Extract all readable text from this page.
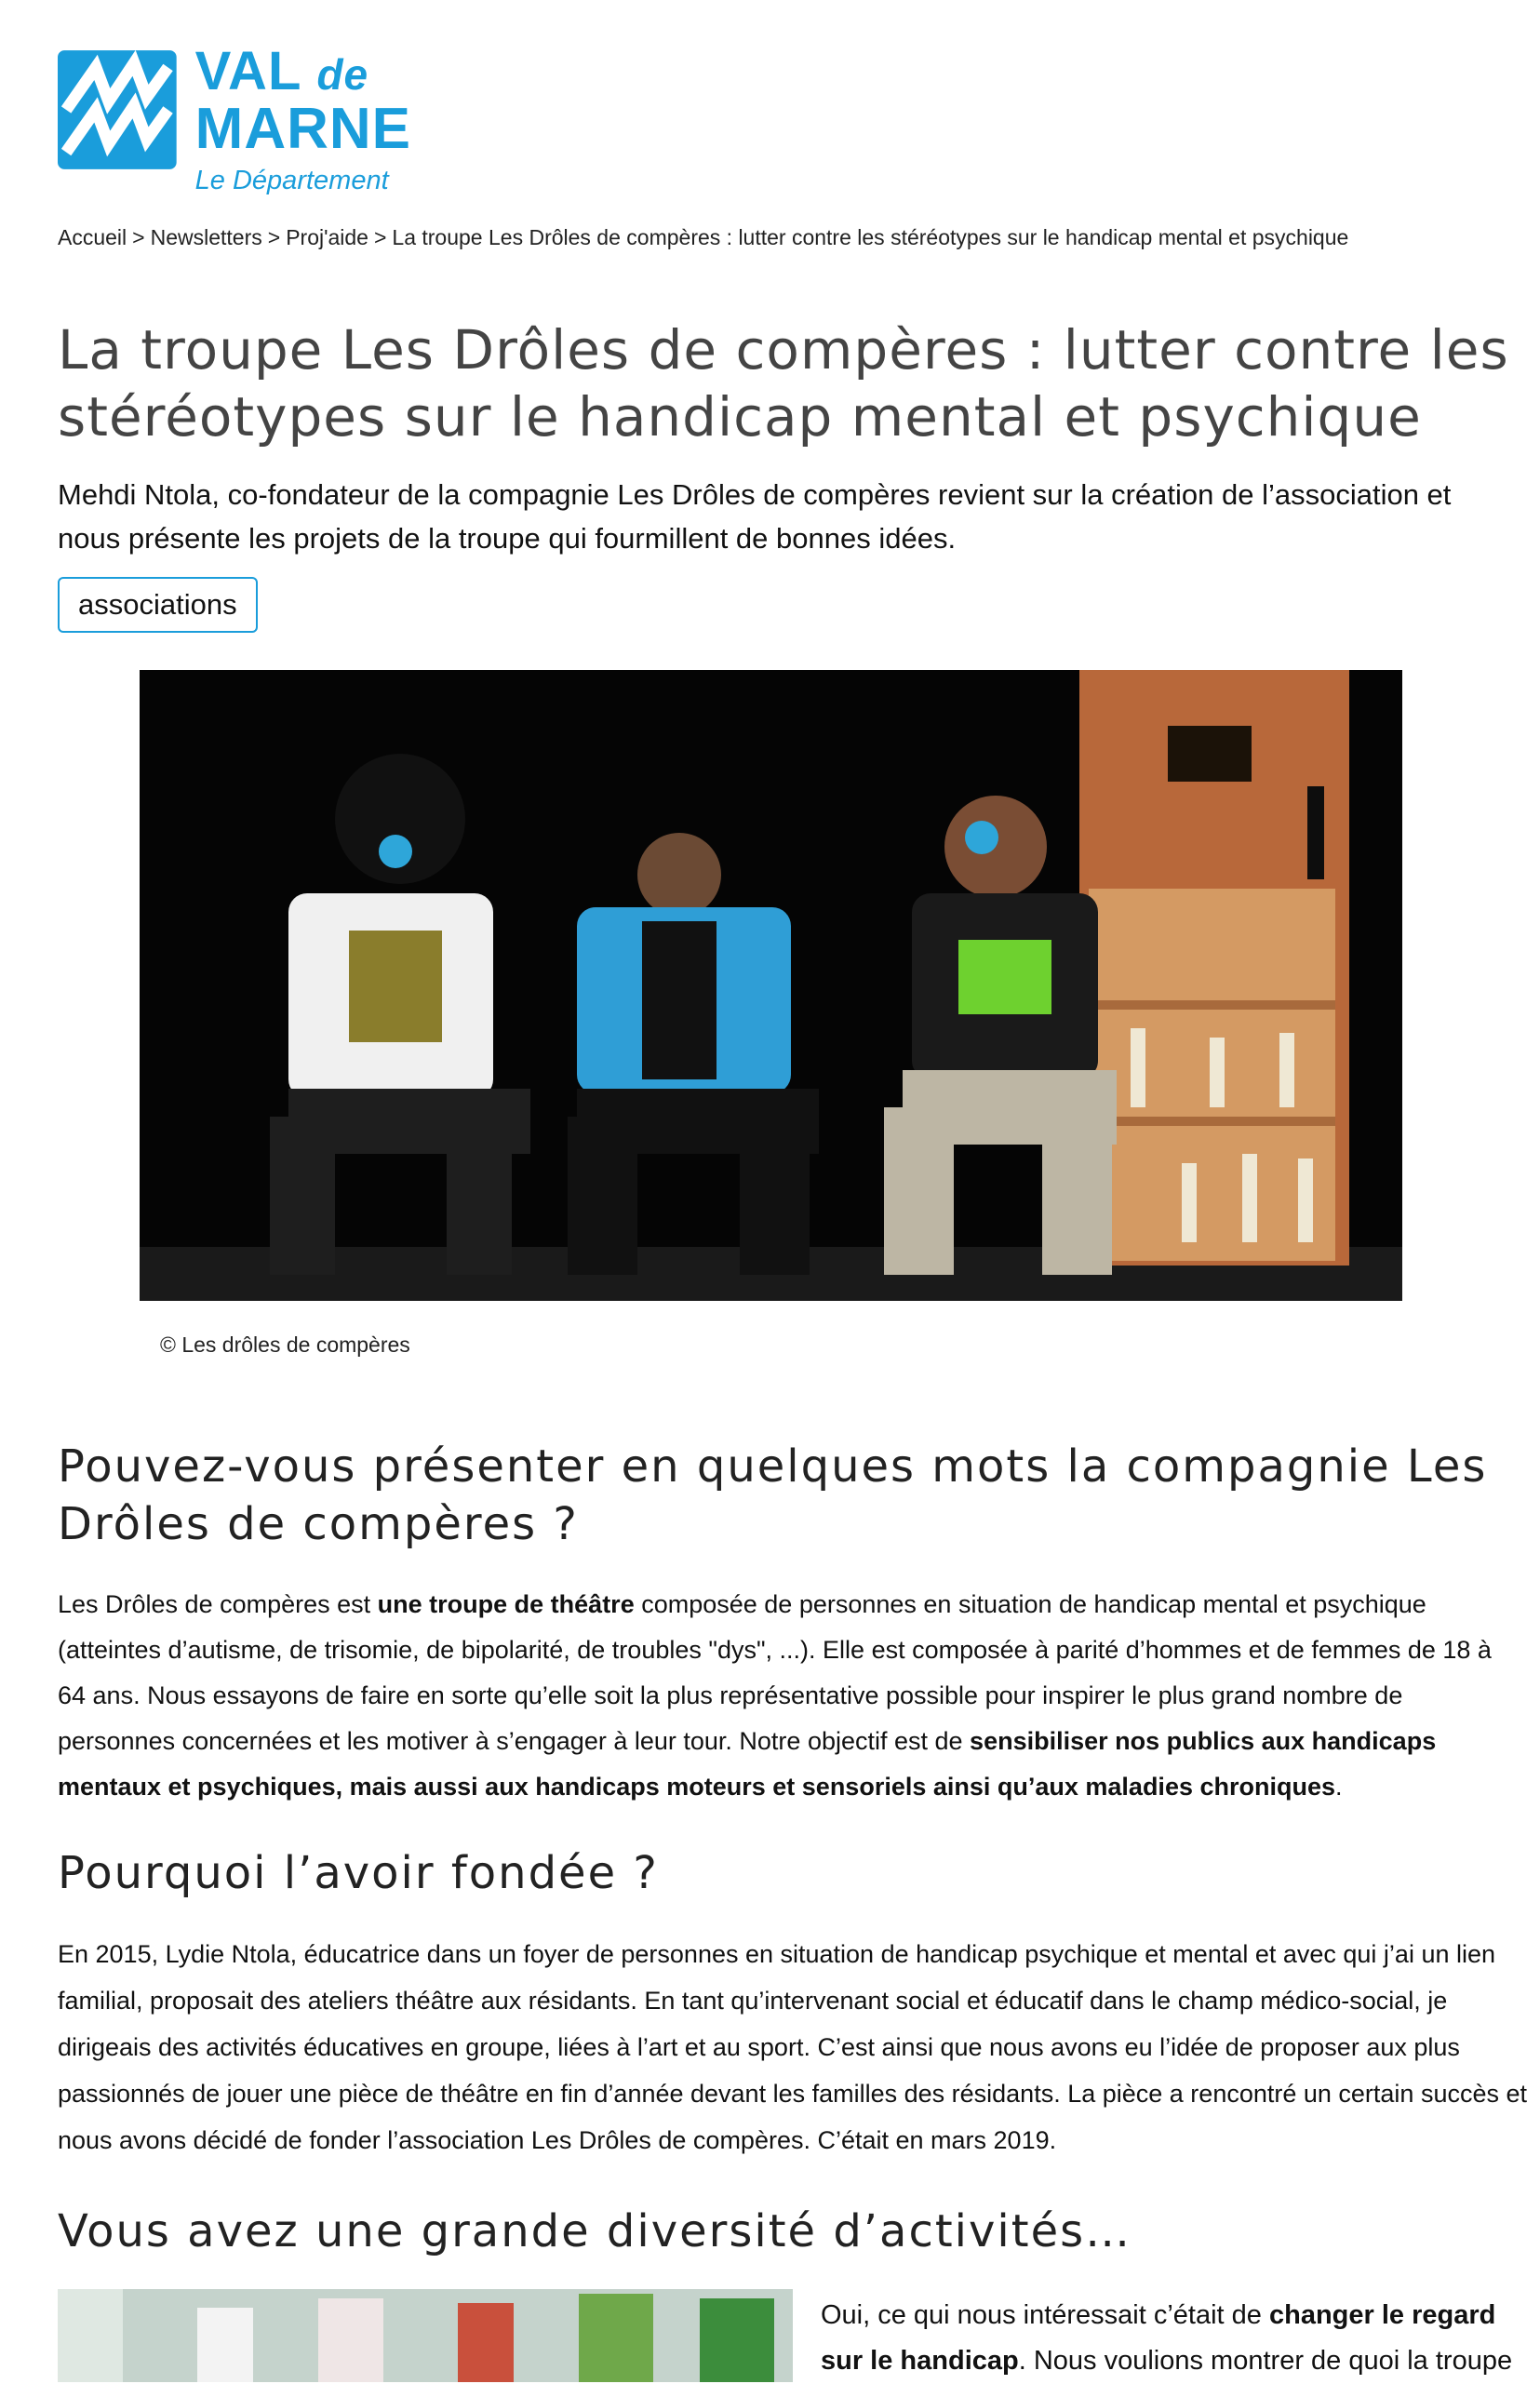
VAL de
MARNE
Le Département
Accueil > Newsletters > Proj'aide > La troupe Les Drôles de compères : lutter contre les stéréotypes sur le handicap mental et psychique
La troupe Les Drôles de compères : lutter contre les stéréotypes sur le handicap mental et psychique
Mehdi Ntola, co-fondateur de la compagnie Les Drôles de compères revient sur la création de l’association et nous présente les projets de la troupe qui fourmillent de bonnes idées.
associations
© Les drôles de compères
Pouvez-vous présenter en quelques mots la compagnie Les Drôles de compères ?
Les Drôles de compères est une troupe de théâtre composée de personnes en situation de handicap mental et psychique (atteintes d’autisme, de trisomie, de bipolarité, de troubles "dys", ...). Elle est composée à parité d’hommes et de femmes de 18 à 64 ans. Nous essayons de faire en sorte qu’elle soit la plus représentative possible pour inspirer le plus grand nombre de personnes concernées et les motiver à s’engager à leur tour. Notre objectif est de sensibiliser nos publics aux handicaps mentaux et psychiques, mais aussi aux handicaps moteurs et sensoriels ainsi qu’aux maladies chroniques.
Pourquoi l’avoir fondée ?
En 2015, Lydie Ntola, éducatrice dans un foyer de personnes en situation de handicap psychique et mental et avec qui j’ai un lien familial, proposait des ateliers théâtre aux résidants. En tant qu’intervenant social et éducatif dans le champ médico-social, je dirigeais des activités éducatives en groupe, liées à l’art et au sport. C’est ainsi que nous avons eu l’idée de proposer aux plus passionnés de jouer une pièce de théâtre en fin d’année devant les familles des résidants. La pièce a rencontré un certain succès et nous avons décidé de fonder l’association Les Drôles de compères. C’était en mars 2019.
Vous avez une grande diversité d’activités…
Oui, ce qui nous intéressait c’était de changer le regard sur le handicap. Nous voulions montrer de quoi la troupe
